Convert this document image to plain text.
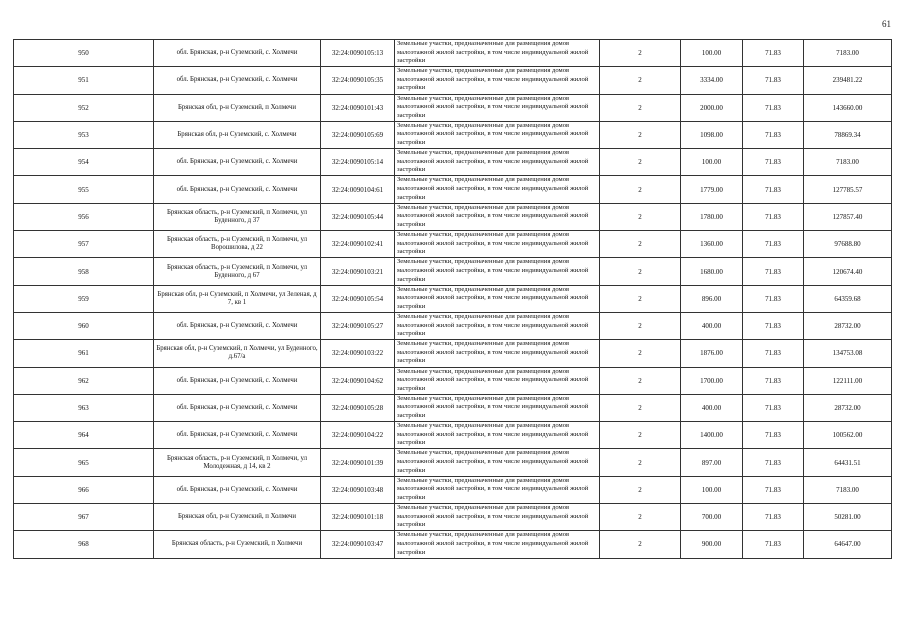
61
950	обл. Брянская, р-н Суземский, с. Холмечи	32:24:0090105:13	Земельные участки, предназначенные для размещения домов малоэтажной жилой застройки, в том числе индивидуальной жилой застройки	2	100.00	71.83	7183.00
951	обл. Брянская, р-н Суземский, с. Холмечи	32:24:0090105:35	Земельные участки, предназначенные для размещения домов малоэтажной жилой застройки, в том числе индивидуальной жилой застройки	2	3334.00	71.83	239481.22
952	Брянская обл, р-н Суземский, п Холмечи	32:24:0090101:43	Земельные участки, предназначенные для размещения домов малоэтажной жилой застройки, в том числе индивидуальной жилой застройки	2	2000.00	71.83	143660.00
953	Брянская обл, р-н Суземский, с. Холмечи	32:24:0090105:69	Земельные участки, предназначенные для размещения домов малоэтажной жилой застройки, в том числе индивидуальной жилой застройки	2	1098.00	71.83	78869.34
954	обл. Брянская, р-н Суземский, с. Холмечи	32:24:0090105:14	Земельные участки, предназначенные для размещения домов малоэтажной жилой застройки, в том числе индивидуальной жилой застройки	2	100.00	71.83	7183.00
955	обл. Брянская, р-н Суземский, с. Холмечи	32:24:0090104:61	Земельные участки, предназначенные для размещения домов малоэтажной жилой застройки, в том числе индивидуальной жилой застройки	2	1779.00	71.83	127785.57
956	Брянская область, р-н Суземский, п Холмечи, ул Буденного, д 37	32:24:0090105:44	Земельные участки, предназначенные для размещения домов малоэтажной жилой застройки, в том числе индивидуальной жилой застройки	2	1780.00	71.83	127857.40
957	Брянская область, р-н Суземский, п Холмечи, ул Ворошилова, д 22	32:24:0090102:41	Земельные участки, предназначенные для размещения домов малоэтажной жилой застройки, в том числе индивидуальной жилой застройки	2	1360.00	71.83	97688.80
958	Брянская область, р-н Суземский, п Холмечи, ул Буденного, д 67	32:24:0090103:21	Земельные участки, предназначенные для размещения домов малоэтажной жилой застройки, в том числе индивидуальной жилой застройки	2	1680.00	71.83	120674.40
959	Брянская обл, р-н Суземский, п Холмечи, ул Зеленая, д 7, кв 1	32:24:0090105:54	Земельные участки, предназначенные для размещения домов малоэтажной жилой застройки, в том числе индивидуальной жилой застройки	2	896.00	71.83	64359.68
960	обл. Брянская, р-н Суземский, с. Холмечи	32:24:0090105:27	Земельные участки, предназначенные для размещения домов малоэтажной жилой застройки, в том числе индивидуальной жилой застройки	2	400.00	71.83	28732.00
961	Брянская обл, р-н Суземский, п Холмечи, ул Буденного, д.67/а	32:24:0090103:22	Земельные участки, предназначенные для размещения домов малоэтажной жилой застройки, в том числе индивидуальной жилой застройки	2	1876.00	71.83	134753.08
962	обл. Брянская, р-н Суземский, с. Холмечи	32:24:0090104:62	Земельные участки, предназначенные для размещения домов малоэтажной жилой застройки, в том числе индивидуальной жилой застройки	2	1700.00	71.83	122111.00
963	обл. Брянская, р-н Суземский, с. Холмечи	32:24:0090105:28	Земельные участки, предназначенные для размещения домов малоэтажной жилой застройки, в том числе индивидуальной жилой застройки	2	400.00	71.83	28732.00
964	обл. Брянская, р-н Суземский, с. Холмечи	32:24:0090104:22	Земельные участки, предназначенные для размещения домов малоэтажной жилой застройки, в том числе индивидуальной жилой застройки	2	1400.00	71.83	100562.00
965	Брянская область, р-н Суземский, п Холмечи, ул Молодежная, д 14, кв 2	32:24:0090101:39	Земельные участки, предназначенные для размещения домов малоэтажной жилой застройки, в том числе индивидуальной жилой застройки	2	897.00	71.83	64431.51
966	обл. Брянская, р-н Суземский, с. Холмечи	32:24:0090103:48	Земельные участки, предназначенные для размещения домов малоэтажной жилой застройки, в том числе индивидуальной жилой застройки	2	100.00	71.83	7183.00
967	Брянская обл, р-н Суземский, п Холмечи	32:24:0090101:18	Земельные участки, предназначенные для размещения домов малоэтажной жилой застройки, в том числе индивидуальной жилой застройки	2	700.00	71.83	50281.00
968	Брянская область, р-н Суземский, п Холмечи	32:24:0090103:47	Земельные участки, предназначенные для размещения домов малоэтажной жилой застройки, в том числе индивидуальной жилой застройки	2	900.00	71.83	64647.00
